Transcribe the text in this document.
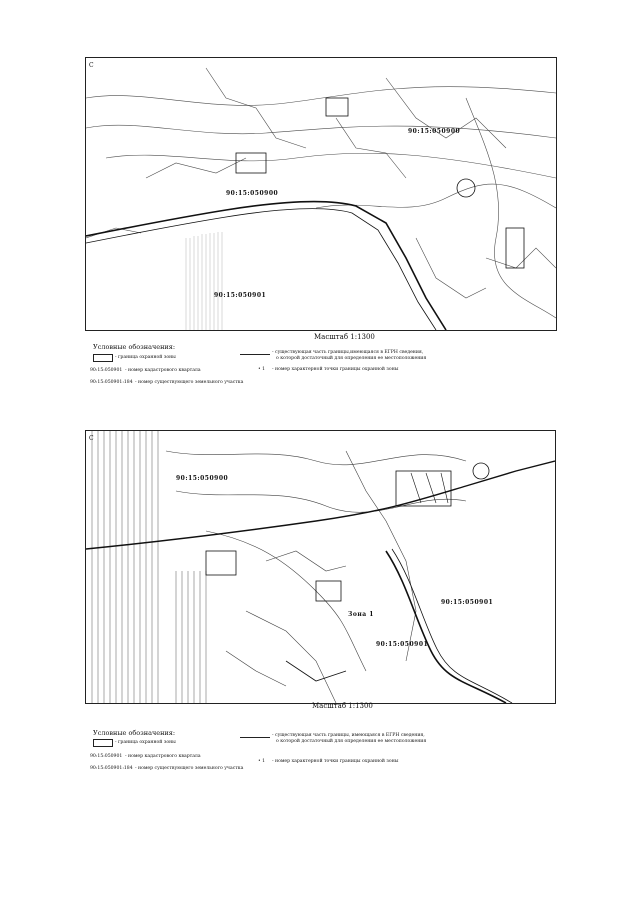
С
90:15:050900
90:15:050900
90:15:050901
Масштаб 1:1300
Условные обозначения:
- граница охранной зоны
- существующая часть границы,имеющаяся в ЕГРН сведения,
о которой достаточный для определения ее местоположения
90:15:050901 - номер кадастрового квартала	• 1 - номер характерной точки границы охранной зоны
90:15:050901:184 - номер существующего земельного участка
С
90:15:050900
90:15:050901
Зона 1
90:15:050901
Масштаб 1:1300
Условные обозначения:
- граница охранной зоны
- существующая часть границы, имеющаяся в ЕГРН сведения,
о которой достаточный для определения ее местоположения
90:15:050901 - номер кадастрового квартала
• 1 - номер характерной точки границы охранной зоны
90:15:050901:184 - номер существующего земельного участка
